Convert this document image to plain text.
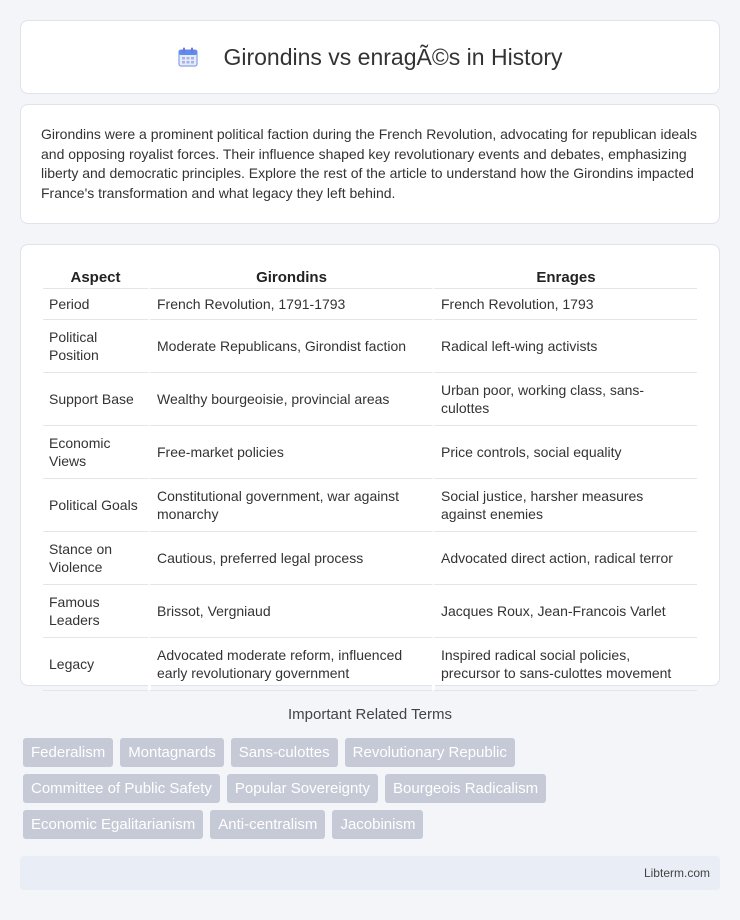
Girondins vs enragÃ©s in History

Girondins were a prominent political faction during the French Revolution, advocating for republican ideals and opposing royalist forces. Their influence shaped key revolutionary events and debates, emphasizing liberty and democratic principles. Explore the rest of the article to understand how the Girondins impacted France's transformation and what legacy they left behind.

Aspect	Girondins	Enrages
Period	French Revolution, 1791-1793	French Revolution, 1793
Political Position	Moderate Republicans, Girondist faction	Radical left-wing activists
Support Base	Wealthy bourgeoisie, provincial areas	Urban poor, working class, sans-culottes
Economic Views	Free-market policies	Price controls, social equality
Political Goals	Constitutional government, war against monarchy	Social justice, harsher measures against enemies
Stance on Violence	Cautious, preferred legal process	Advocated direct action, radical terror
Famous Leaders	Brissot, Vergniaud	Jacques Roux, Jean-Francois Varlet
Legacy	Advocated moderate reform, influenced early revolutionary government	Inspired radical social policies, precursor to sans-culottes movement
Important Related Terms
Federalism	Montagnards	Sans-culottes	Revolutionary Republic
Committee of Public Safety	Popular Sovereignty	Bourgeois Radicalism
Economic Egalitarianism	Anti-centralism	Jacobinism
Libterm.com
